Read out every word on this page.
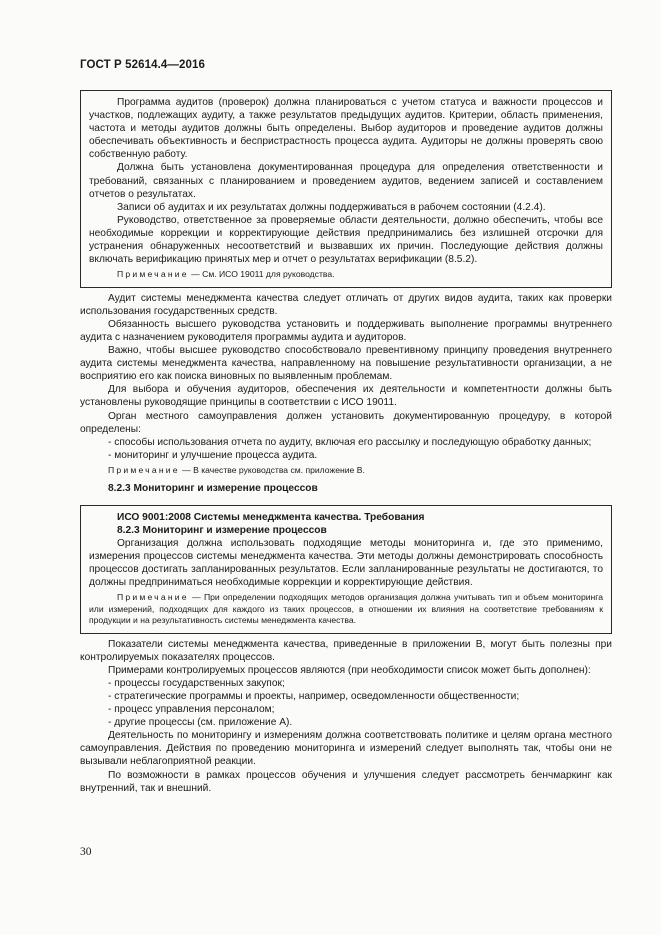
ГОСТ Р 52614.4—2016

Программа аудитов (проверок) должна планироваться с учетом статуса и важности процессов и участков, подлежащих аудиту, а также результатов предыдущих аудитов. Критерии, область применения, частота и методы аудитов должны быть определены. Выбор аудиторов и проведение аудитов должны обеспечивать объективность и беспристрастность процесса аудита. Аудиторы не должны проверять свою собственную работу.

Должна быть установлена документированная процедура для определения ответственности и требований, связанных с планированием и проведением аудитов, ведением записей и составлением отчетов о результатах.

Записи об аудитах и их результатах должны поддерживаться в рабочем состоянии (4.2.4).

Руководство, ответственное за проверяемые области деятельности, должно обеспечить, чтобы все необходимые коррекции и корректирующие действия предпринимались без излишней отсрочки для устранения обнаруженных несоответствий и вызвавших их причин. Последующие действия должны включать верификацию принятых мер и отчет о результатах верификации (8.5.2).

Примечание — См. ИСО 19011 для руководства.

Аудит системы менеджмента качества следует отличать от других видов аудита, таких как проверки использования государственных средств.

Обязанность высшего руководства установить и поддерживать выполнение программы внутреннего аудита с назначением руководителя программы аудита и аудиторов.

Важно, чтобы высшее руководство способствовало превентивному принципу проведения внутреннего аудита системы менеджмента качества, направленному на повышение результативности организации, а не восприятию его как поиска виновных по выявленным проблемам.

Для выбора и обучения аудиторов, обеспечения их деятельности и компетентности должны быть установлены руководящие принципы в соответствии с ИСО 19011.

Орган местного самоуправления должен установить документированную процедуру, в которой определены:

- способы использования отчета по аудиту, включая его рассылку и последующую обработку данных;

- мониторинг и улучшение процесса аудита.

Примечание — В качестве руководства см. приложение В.

8.2.3 Мониторинг и измерение процессов

ИСО 9001:2008 Системы менеджмента качества. Требования

8.2.3 Мониторинг и измерение процессов

Организация должна использовать подходящие методы мониторинга и, где это применимо, измерения процессов системы менеджмента качества. Эти методы должны демонстрировать способность процессов достигать запланированных результатов. Если запланированные результаты не достигаются, то должны предприниматься необходимые коррекции и корректирующие действия.

Примечание — При определении подходящих методов организация должна учитывать тип и объем мониторинга или измерений, подходящих для каждого из таких процессов, в отношении их влияния на соответствие требованиям к продукции и на результативность системы менеджмента качества.

Показатели системы менеджмента качества, приведенные в приложении В, могут быть полезны при контролируемых показателях процессов.

Примерами контролируемых процессов являются (при необходимости список может быть дополнен):

- процессы государственных закупок;

- стратегические программы и проекты, например, осведомленности общественности;

- процесс управления персоналом;

- другие процессы (см. приложение А).

Деятельность по мониторингу и измерениям должна соответствовать политике и целям органа местного самоуправления. Действия по проведению мониторинга и измерений следует выполнять так, чтобы они не вызывали неблагоприятной реакции.

По возможности в рамках процессов обучения и улучшения следует рассмотреть бенчмаркинг как внутренний, так и внешний.

30
